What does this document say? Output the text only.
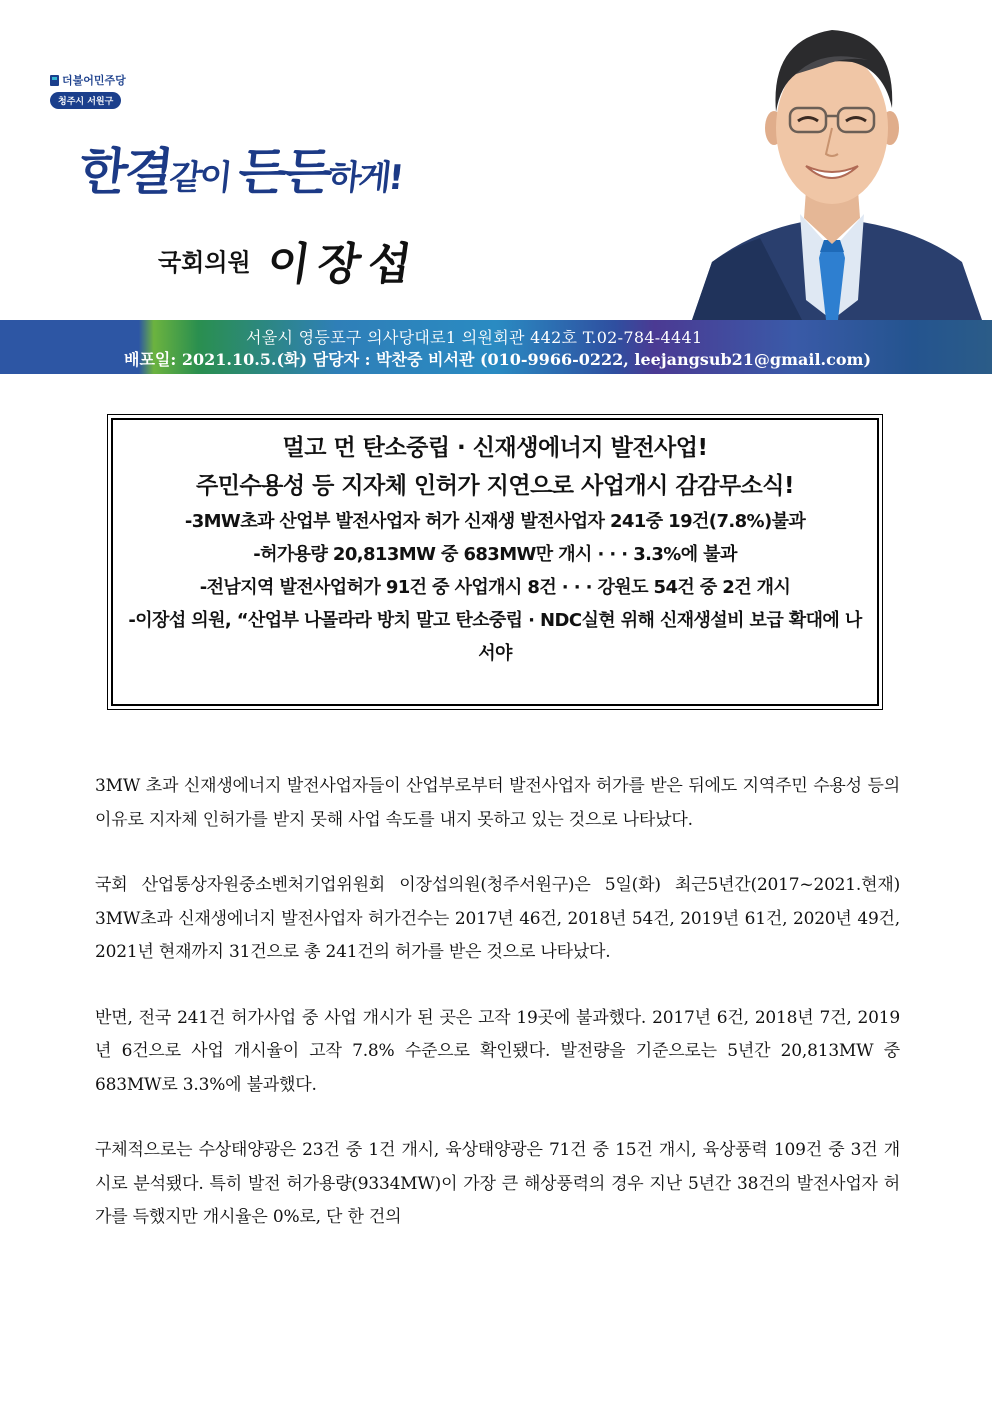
더불어민주당
청주시 서원구
한결같이 든든하게!
국회의원 이장섭
서울시 영등포구 의사당대로1 의원회관 442호 T.02-784-4441
배포일: 2021.10.5.(화) 담당자 : 박찬중 비서관 (010-9966-0222, leejangsub21@gmail.com)
멀고 먼 탄소중립 · 신재생에너지 발전사업!
주민수용성 등 지자체 인허가 지연으로 사업개시 감감무소식!
-3MW초과 산업부 발전사업자 허가 신재생 발전사업자 241중 19건(7.8%)불과
-허가용량 20,813MW 중 683MW만 개시 · · · 3.3%에 불과
-전남지역 발전사업허가 91건 중 사업개시 8건 · · · 강원도 54건 중 2건 개시
-이장섭 의원, “산업부 나몰라라 방치 말고 탄소중립 · NDC실현 위해 신재생설비 보급 확대에 나서야

3MW 초과 신재생에너지 발전사업자들이 산업부로부터 발전사업자 허가를 받은 뒤에도 지역주민 수용성 등의 이유로 지자체 인허가를 받지 못해 사업 속도를 내지 못하고 있는 것으로 나타났다.

국회 산업통상자원중소벤처기업위원회 이장섭의원(청주서원구)은 5일(화) 최근5년간(2017~2021.현재) 3MW초과 신재생에너지 발전사업자 허가건수는 2017년 46건, 2018년 54건, 2019년 61건, 2020년 49건, 2021년 현재까지 31건으로 총 241건의 허가를 받은 것으로 나타났다.

반면, 전국 241건 허가사업 중 사업 개시가 된 곳은 고작 19곳에 불과했다. 2017년 6건, 2018년 7건, 2019년 6건으로 사업 개시율이 고작 7.8% 수준으로 확인됐다. 발전량을 기준으로는 5년간 20,813MW 중 683MW로 3.3%에 불과했다.

구체적으로는 수상태양광은 23건 중 1건 개시, 육상태양광은 71건 중 15건 개시, 육상풍력 109건 중 3건 개시로 분석됐다. 특히 발전 허가용량(9334MW)이 가장 큰 해상풍력의 경우 지난 5년간 38건의 발전사업자 허가를 득했지만 개시율은 0%로, 단 한 건의
